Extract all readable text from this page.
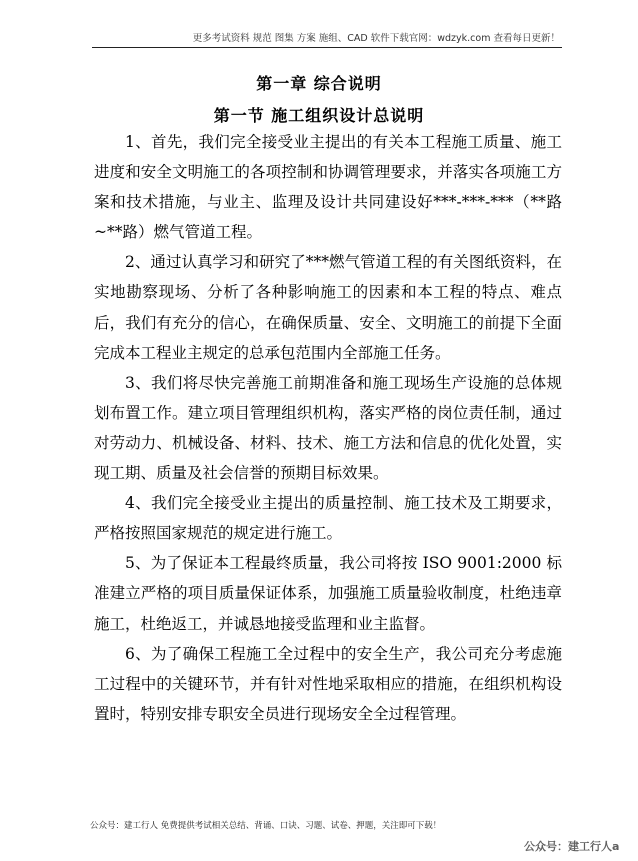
更多考试资料 规范 图集 方案 施组、CAD 软件下载官网：wdzyk.com 查看每日更新！
第一章 综合说明
第一节 施工组织设计总说明

1、首先，我们完全接受业主提出的有关本工程施工质量、施工进度和安全文明施工的各项控制和协调管理要求，并落实各项施工方案和技术措施，与业主、监理及设计共同建设好***-***-***（**路~**路）燃气管道工程。

2、通过认真学习和研究了***燃气管道工程的有关图纸资料，在实地勘察现场、分析了各种影响施工的因素和本工程的特点、难点后，我们有充分的信心，在确保质量、安全、文明施工的前提下全面完成本工程业主规定的总承包范围内全部施工任务。

3、我们将尽快完善施工前期准备和施工现场生产设施的总体规划布置工作。建立项目管理组织机构，落实严格的岗位责任制，通过对劳动力、机械设备、材料、技术、施工方法和信息的优化处置，实现工期、质量及社会信誉的预期目标效果。

4、我们完全接受业主提出的质量控制、施工技术及工期要求，严格按照国家规范的规定进行施工。

5、为了保证本工程最终质量，我公司将按 ISO 9001:2000 标准建立严格的项目质量保证体系，加强施工质量验收制度，杜绝违章施工，杜绝返工，并诚恳地接受监理和业主监督。

6、为了确保工程施工全过程中的安全生产，我公司充分考虑施工过程中的关键环节，并有针对性地采取相应的措施，在组织机构设置时，特别安排专职安全员进行现场安全全过程管理。

公众号：建工行人 免费提供考试相关总结、背诵、口诀、习题、试卷、押题，关注即可下载！
公众号：建工行人a
